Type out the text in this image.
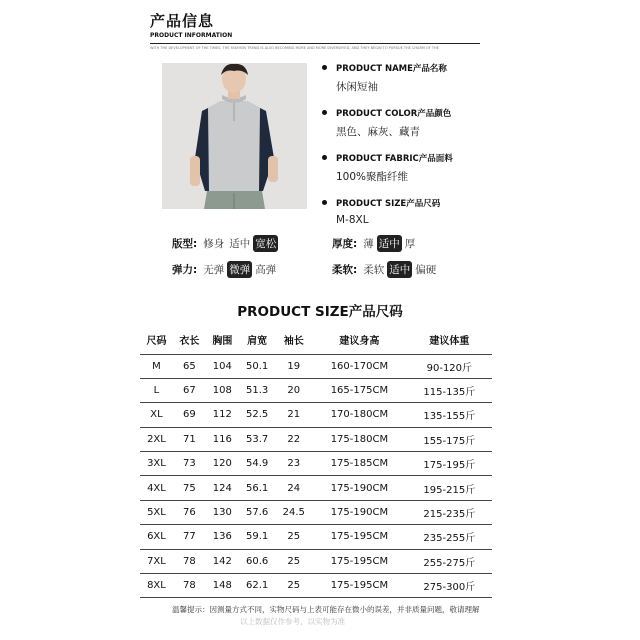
产品信息
PRODUCT INFORMATION
WITH THE DEVELOPMENT OF THE TIMES, THE FASHION TREND IS ALSO BECOMING MORE AND MORE DIVERSIFIED, AND THEY BEGIN TO PURSUE THE CHARM OF THE
PRODUCT NAME产品名称
休闲短袖
PRODUCT COLOR产品颜色
黑色、麻灰、藏青
PRODUCT FABRIC产品面料
100%聚酯纤维
PRODUCT SIZE产品尺码
M-8XL
版型: 修身 适中 宽松	厚度: 薄 适中 厚
弹力: 无弹 微弹 高弹	柔软: 柔软 适中 偏硬
PRODUCT SIZE产品尺码
尺码	衣长	胸围	肩宽	袖长	建议身高	建议体重
M	65	104	50.1	19	160-170CM	90-120斤
L	67	108	51.3	20	165-175CM	115-135斤
XL	69	112	52.5	21	170-180CM	135-155斤
2XL	71	116	53.7	22	175-180CM	155-175斤
3XL	73	120	54.9	23	175-185CM	175-195斤
4XL	75	124	56.1	24	175-190CM	195-215斤
5XL	76	130	57.6	24.5	175-190CM	215-235斤
6XL	77	136	59.1	25	175-195CM	235-255斤
7XL	78	142	60.6	25	175-195CM	255-275斤
8XL	78	148	62.1	25	175-195CM	275-300斤
温馨提示：因测量方式不同，实物尺码与上表可能存在微小的误差，并非质量问题，敬请理解
以上数据仅作参考，以实物为准
